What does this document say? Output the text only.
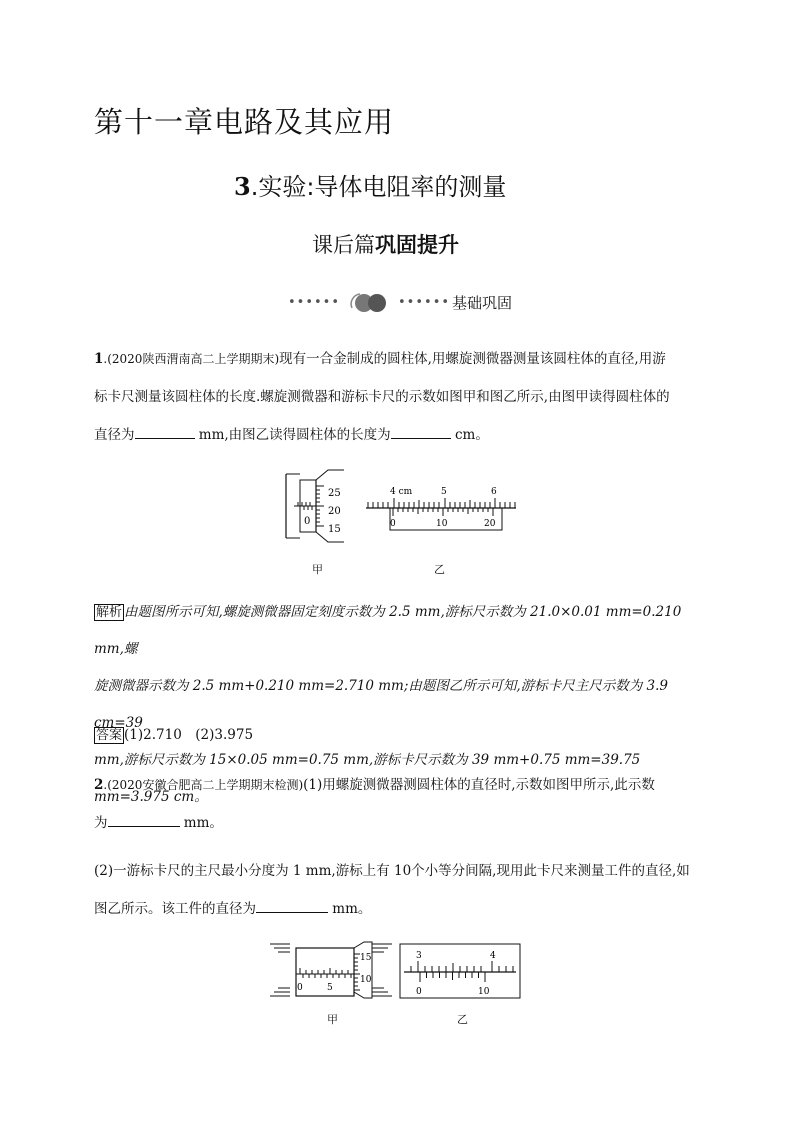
第十一章电路及其应用
3.实验:导体电阻率的测量
课后篇巩固提升
••••••	•••••• 基础巩固
1.(2020陕西渭南高二上学期期末)现有一合金制成的圆柱体,用螺旋测微器测量该圆柱体的直径,用游
标卡尺测量该圆柱体的长度.螺旋测微器和游标卡尺的示数如图甲和图乙所示,由图甲读得圆柱体的
直径为	mm,由图乙读得圆柱体的长度为	cm。
25
20
15
0
4 cm	5	6
0	10	20
甲	乙
解析 由题图所示可知,螺旋测微器固定刻度示数为 2.5 mm,游标尺示数为 21.0×0.01 mm=0.210 mm,螺
旋测微器示数为 2.5 mm+0.210 mm=2.710 mm;由题图乙所示可知,游标卡尺主尺示数为 3.9 cm=39
mm,游标尺示数为 15×0.05 mm=0.75 mm,游标卡尺示数为 39 mm+0.75 mm=39.75 mm=3.975 cm。
答案 (1)2.710　(2)3.975
2.(2020安徽合肥高二上学期期末检测)(1)用螺旋测微器测圆柱体的直径时,示数如图甲所示,此示数
为	mm。
(2)一游标卡尺的主尺最小分度为 1 mm,游标上有 10个小等分间隔,现用此卡尺来测量工件的直径,如
图乙所示。该工件的直径为	mm。
15
10
0	5
3	4
0	10
甲	乙
